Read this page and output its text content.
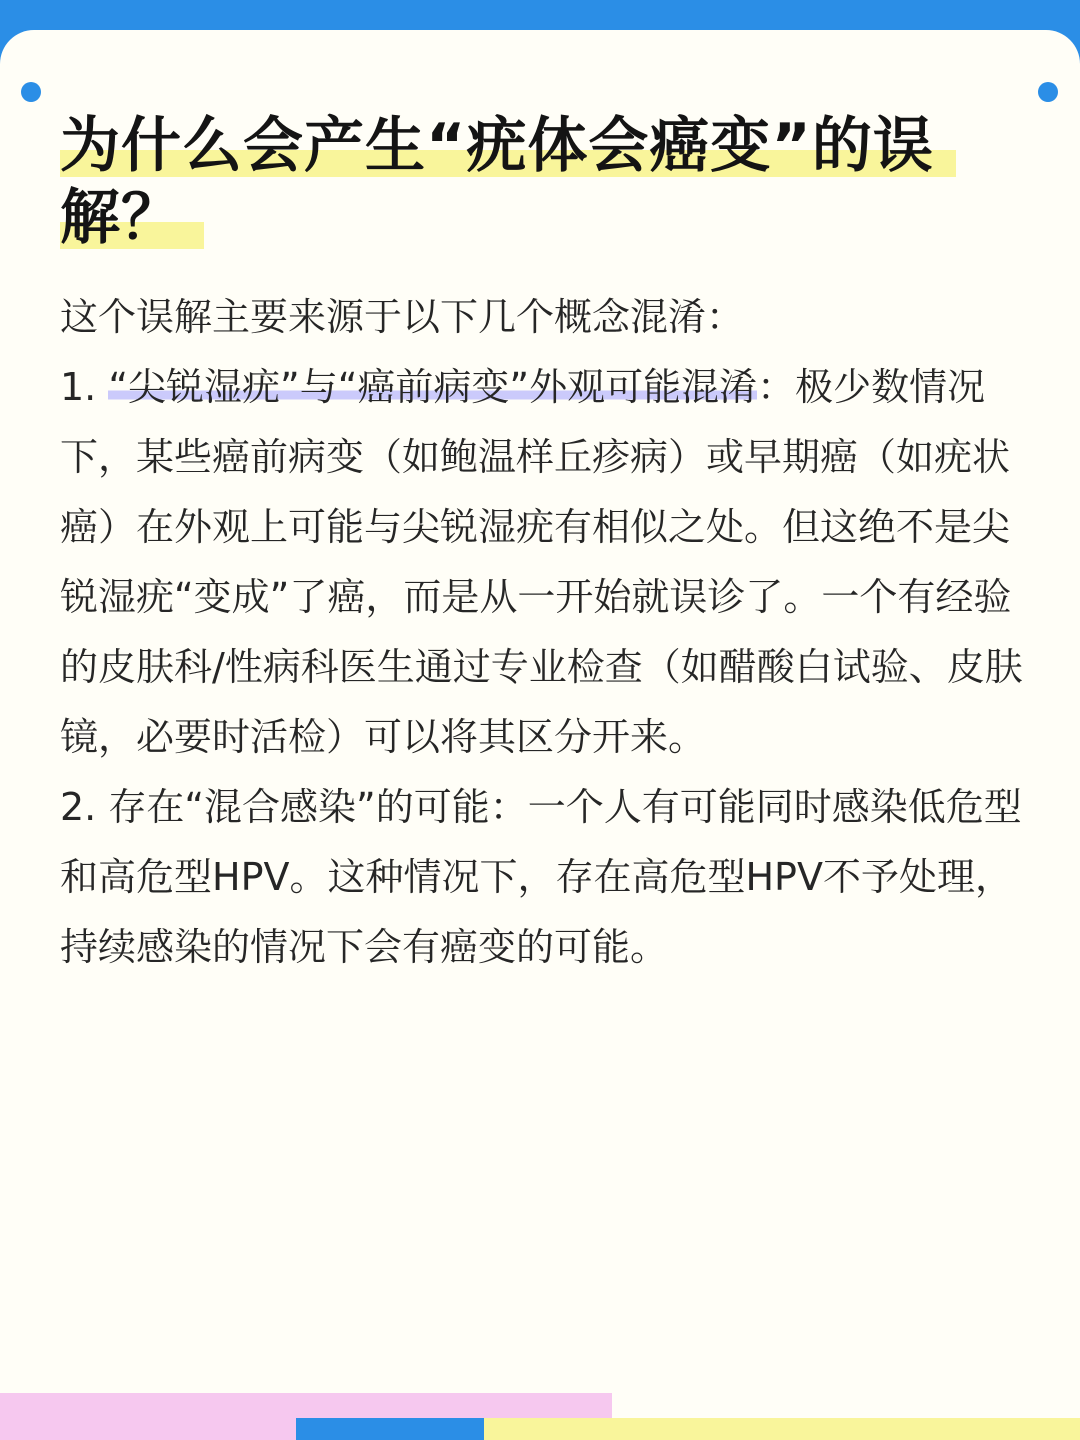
为什么会产生“疣体会癌变”的误解？

这个误解主要来源于以下几个概念混淆：

1. “尖锐湿疣”与“癌前病变”外观可能混淆：极少数情况下，某些癌前病变（如鲍温样丘疹病）或早期癌（如疣状癌）在外观上可能与尖锐湿疣有相似之处。但这绝不是尖锐湿疣“变成”了癌，而是从一开始就误诊了。一个有经验的皮肤科/性病科医生通过专业检查（如醋酸白试验、皮肤镜，必要时活检）可以将其区分开来。

2. 存在“混合感染”的可能：一个人有可能同时感染低危型和高危型HPV。这种情况下，存在高危型HPV不予处理，持续感染的情况下会有癌变的可能。
